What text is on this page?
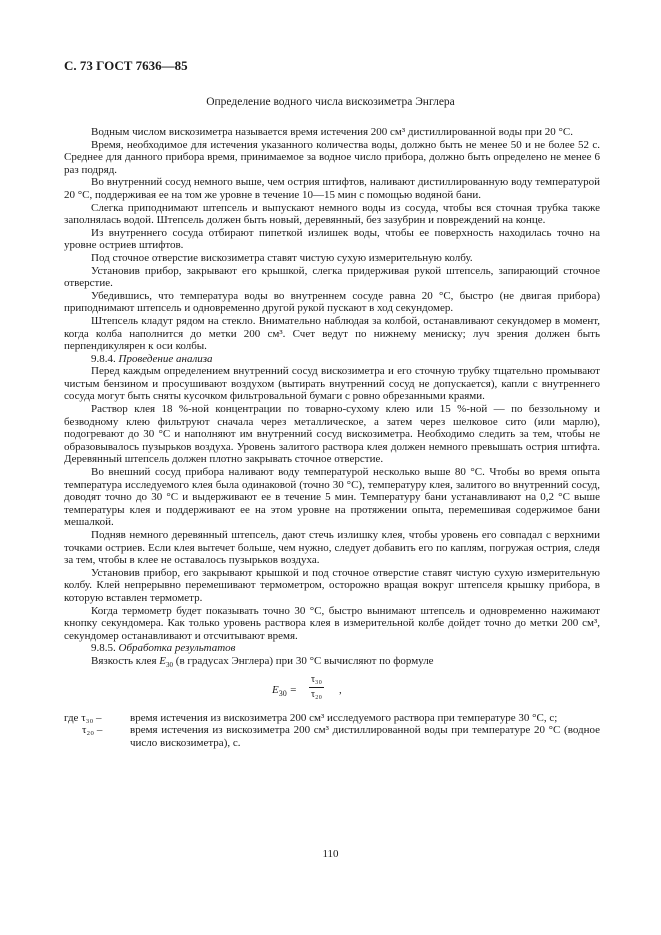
С. 73 ГОСТ 7636—85
Определение водного числа вискозиметра Энглера

Водным числом вискозиметра называется время истечения 200 см³ дистиллированной воды при 20 °С.

Время, необходимое для истечения указанного количества воды, должно быть не менее 50 и не более 52 с. Среднее для данного прибора время, принимаемое за водное число прибора, должно быть определено не менее 6 раз подряд.

Во внутренний сосуд немного выше, чем острия штифтов, наливают дистиллированную воду температурой 20 °С, поддерживая ее на том же уровне в течение 10—15 мин с помощью водяной бани.

Слегка приподнимают штепсель и выпускают немного воды из сосуда, чтобы вся сточная трубка также заполнялась водой. Штепсель должен быть новый, деревянный, без зазубрин и повреждений на конце.

Из внутреннего сосуда отбирают пипеткой излишек воды, чтобы ее поверхность находилась точно на уровне остриев штифтов.

Под сточное отверстие вискозиметра ставят чистую сухую измерительную колбу.

Установив прибор, закрывают его крышкой, слегка придерживая рукой штепсель, запирающий сточное отверстие.

Убедившись, что температура воды во внутреннем сосуде равна 20 °С, быстро (не двигая прибора) приподнимают штепсель и одновременно другой рукой пускают в ход секундомер.

Штепсель кладут рядом на стекло. Внимательно наблюдая за колбой, останавливают секундомер в момент, когда колба наполнится до метки 200 см³. Счет ведут по нижнему мениску; луч зрения должен быть перпендикулярен к оси колбы.

9.8.4. Проведение анализа

Перед каждым определением внутренний сосуд вискозиметра и его сточную трубку тщательно промывают чистым бензином и просушивают воздухом (вытирать внутренний сосуд не допускается), капли с внутреннего сосуда могут быть сняты кусочком фильтровальной бумаги с ровно обрезанными краями.

Раствор клея 18 %-ной концентрации по товарно-сухому клею или 15 %-ной — по беззольному и безводному клею фильтруют сначала через металлическое, а затем через шелковое сито (или марлю), подогревают до 30 °С и наполняют им внутренний сосуд вискозиметра. Необходимо следить за тем, чтобы не образовывалось пузырьков воздуха. Уровень залитого раствора клея должен немного превышать острия штифта. Деревянный штепсель должен плотно закрывать сточное отверстие.

Во внешний сосуд прибора наливают воду температурой несколько выше 80 °С. Чтобы во время опыта температура исследуемого клея была одинаковой (точно 30 °С), температуру клея, залитого во внутренний сосуд, доводят точно до 30 °С и выдерживают ее в течение 5 мин. Температуру бани устанавливают на 0,2 °С выше температуры клея и поддерживают ее на этом уровне на протяжении опыта, перемешивая содержимое бани мешалкой.

Подняв немного деревянный штепсель, дают стечь излишку клея, чтобы уровень его совпадал с верхними точками остриев. Если клея вытечет больше, чем нужно, следует добавить его по каплям, погружая острия, следя за тем, чтобы в клее не оставалось пузырьков воздуха.

Установив прибор, его закрывают крышкой и под сточное отверстие ставят чистую сухую измерительную колбу. Клей непрерывно перемешивают термометром, осторожно вращая вокруг штепселя крышку прибора, в которую вставлен термометр.

Когда термометр будет показывать точно 30 °С, быстро вынимают штепсель и одновременно нажимают кнопку секундомера. Как только уровень раствора клея в измерительной колбе дойдет точно до метки 200 см³, секундомер останавливают и отсчитывают время.

9.8.5. Обработка результатов

Вязкость клея $E_{30}$ (в градусах Энглера) при 30 °С вычисляют по формуле

$E_{30} = \frac{\text{τ₃₀}}{\text{τ₂₀}}$ ,
где τ₃₀ –	время истечения из вискозиметра 200 см³ исследуемого раствора при температуре 30 °С, с;
τ₂₀ –	время истечения из вискозиметра 200 см³ дистиллированной воды при температуре 20 °С (водное число вискозиметра), с.
110
